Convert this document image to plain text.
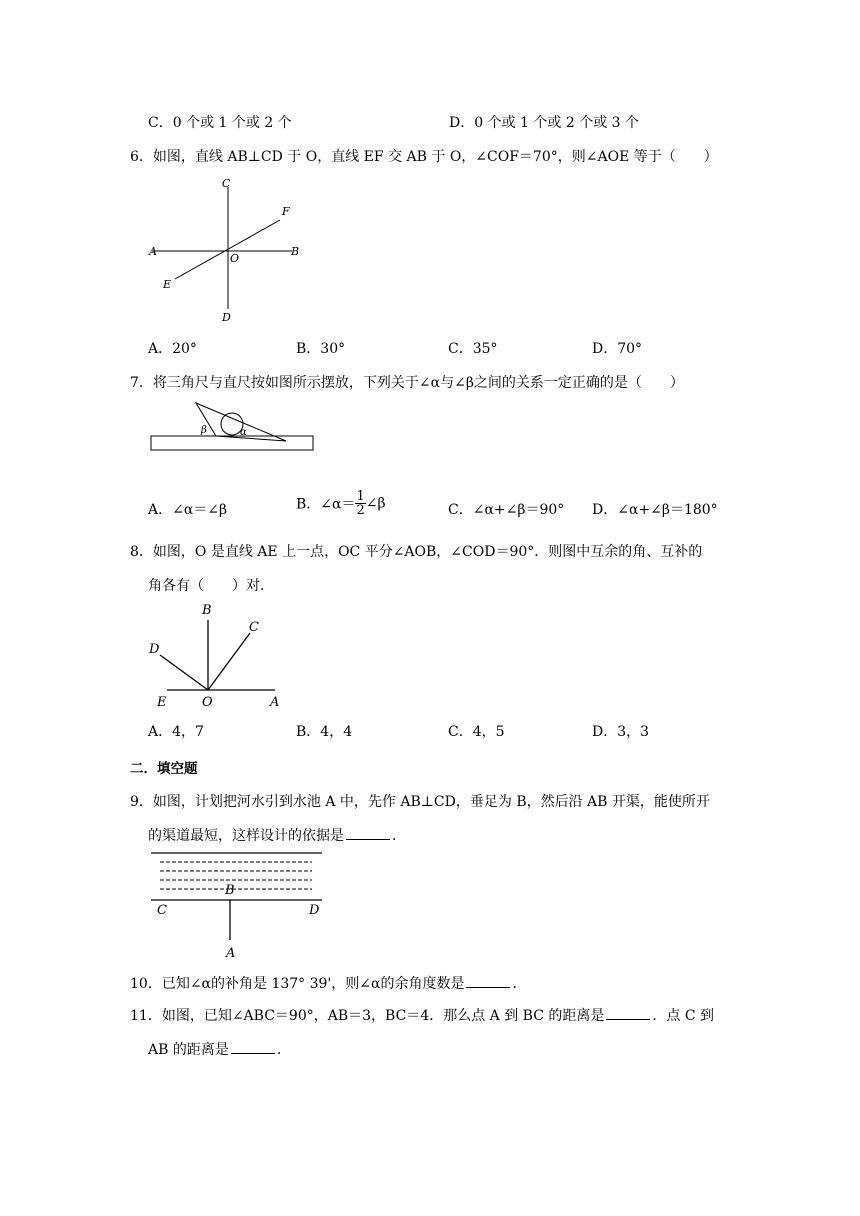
C．0 个或 1 个或 2 个	D．0 个或 1 个或 2 个或 3 个
6．如图，直线 AB⊥CD 于 O，直线 EF 交 AB 于 O，∠COF＝70°，则∠AOE 等于（　　）
C
A	B
O
F
E
D
A．20°	B．30°	C．35°	D．70°
7．将三角尺与直尺按如图所示摆放，下列关于∠α与∠β之间的关系一定正确的是（　　）
β	α
A．∠α＝∠β	B．∠α＝ $\frac{1}{2}$ ∠β	C．∠α+∠β＝90° D．∠α+∠β＝180°
8．如图，O 是直线 AE 上一点，OC 平分∠AOB，∠COD＝90°．则图中互余的角、互补的
角各有（　　）对．
B
C
D
E	O	A
A．4，7	B．4，4	C．4，5	D．3，3
二．填空题
9．如图，计划把河水引到水池 A 中，先作 AB⊥CD，垂足为 B，然后沿 AB 开渠，能使所开
的渠道最短，这样设计的依据是	．
B
C	D
A
10．已知∠α的补角是 137° 39'，则∠α的余角度数是	．
11．如图，已知∠ABC＝90°，AB＝3，BC＝4．那么点 A 到 BC 的距离是	．点 C 到
AB 的距离是	．
